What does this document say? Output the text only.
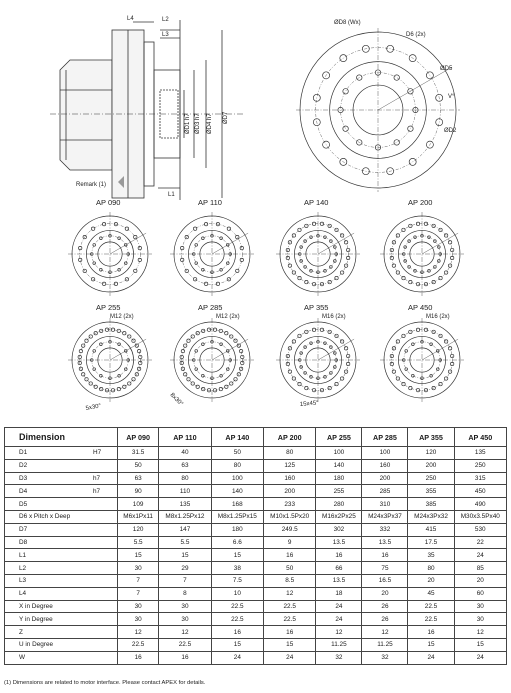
L4	L2
L3
L1
ØD1 h7 ØD3 h7 ØD4 h7 ØD7
Remark (1)
ØD8 (Wx)
D6 (2x)
ØD5
ØD2
V°
AP 090	AP 110	AP 140	AP 200
AP 255	AP 285	AP 355	AP 450
M12 (2x)	M12 (2x)	M16 (2x)	M16 (2x)
5x30°
8x30°	15x45°
Dimension		AP 090	AP 110	AP 140	AP 200	AP 255	AP 285	AP 355	AP 450
D1	H7	31.5	40	50	80	100	100	120	135
D2		50	63	80	125	140	160	200	250
D3	h7	63	80	100	160	180	200	250	315
D4	h7	90	110	140	200	255	285	355	450
D5		109	135	168	233	280	310	385	490
D6 x Pitch x Deep		M6x1Px11	M8x1.25Px12	M8x1.25Px15	M10x1.5Px20	M16x2Px25	M24x3Px37	M24x3Px32	M30x3.5Px40
D7		120	147	180	249.5	302	332	415	530
D8		5.5	5.5	6.6	9	13.5	13.5	17.5	22
L1		15	15	15	16	16	16	35	24
L2		30	29	38	50	66	75	80	85
L3		7	7	7.5	8.5	13.5	16.5	20	20
L4		7	8	10	12	18	20	45	60
X in Degree		30	30	22.5	22.5	24	26	22.5	30
Y in Degree		30	30	22.5	22.5	24	26	22.5	30
Z		12	12	16	16	12	12	16	12
U in Degree		22.5	22.5	15	15	11.25	11.25	15	15
W		16	16	24	24	32	32	24	24
(1) Dimensions are related to motor interface. Please contact APEX for details.
